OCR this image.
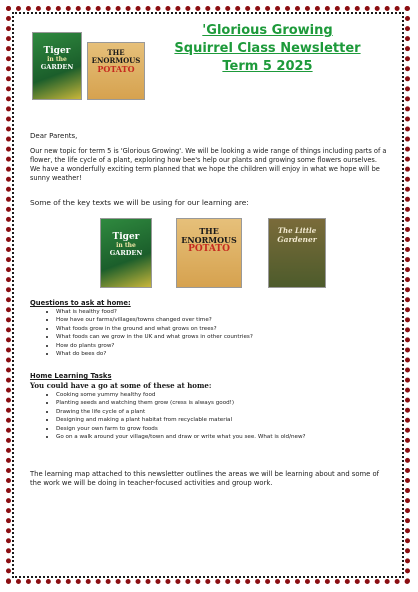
Tiger
in the
GARDEN
THE
ENORMOUS
POTATO
'Glorious Growing
Squirrel Class Newsletter
Term 5 2025

Dear Parents,

Our new topic for term 5 is 'Glorious Growing'. We will be looking a wide range of things including parts of a flower, the life cycle of a plant, exploring how bee's help our plants and growing some flowers ourselves. We have a wonderfully exciting term planned that we hope the children will enjoy in what we hope will be sunny weather!

Some of the key texts we will be using for our learning are:

Tiger
in the
GARDEN
THE
ENORMOUS
POTATO
The Little
Gardener

Questions to ask at home:

• What is healthy food?
• How have our farms/villages/towns changed over time?
• What foods grow in the ground and what grows on trees?
• What foods can we grow in the UK and what grows in other countries?
• How do plants grow?
• What do bees do?

Home Learning Tasks

You could have a go at some of these at home:

• Cooking some yummy healthy food
• Planting seeds and watching them grow (cress is always good!)
• Drawing the life cycle of a plant
• Designing and making a plant habitat from recyclable material
• Design your own farm to grow foods
• Go on a walk around your village/town and draw or write what you see. What is old/new?

The learning map attached to this newsletter outlines the areas we will be learning about and some of the work we will be doing in teacher-focused activities and group work.
